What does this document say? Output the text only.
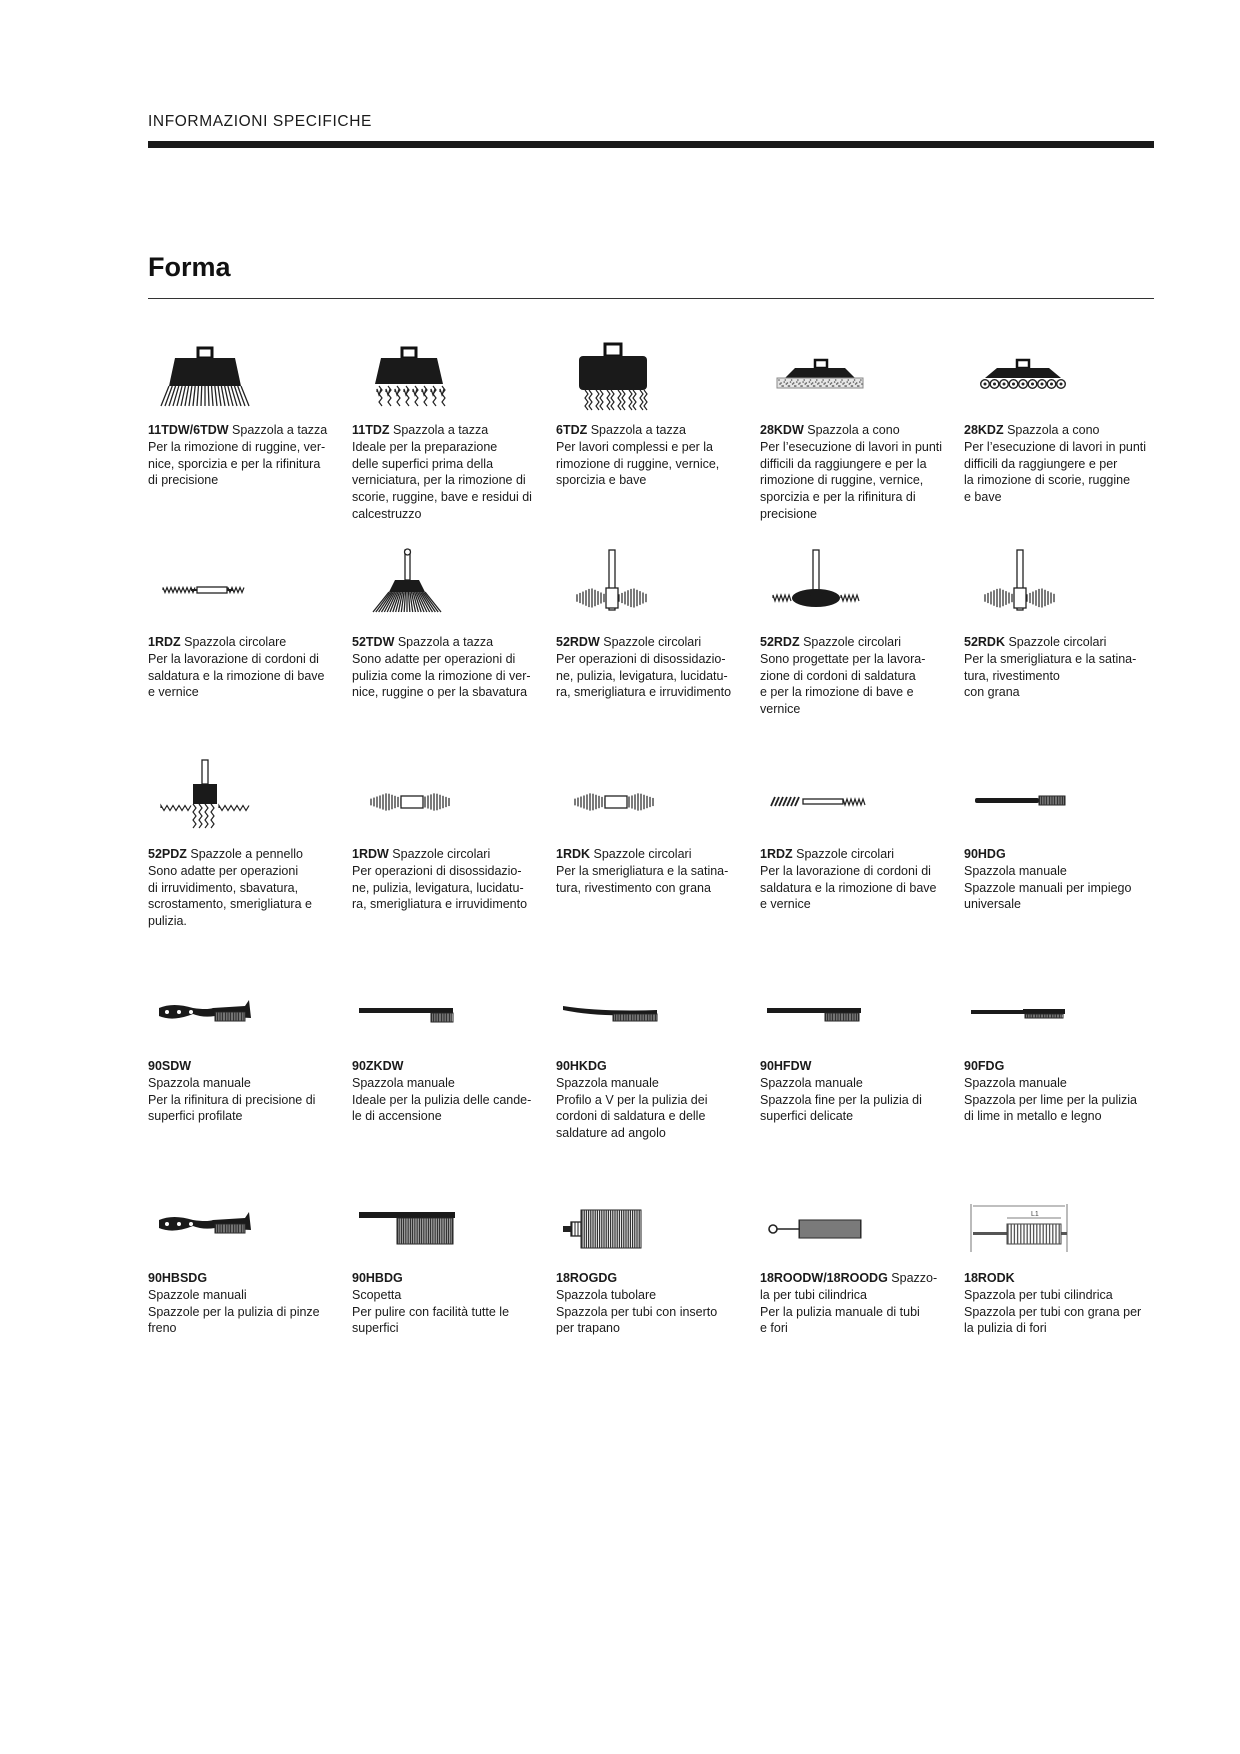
INFORMAZIONI SPECIFICHE
Forma
11TDW/6TDW Spazzola a tazza
Per la rimozione di ruggine, ver-
nice, sporcizia e per la rifinitura
di precisione
11TDZ Spazzola a tazza
Ideale per la preparazione
delle superfici prima della
verniciatura, per la rimozione di
scorie, ruggine, bave e residui di
calcestruzzo
6TDZ Spazzola a tazza
Per lavori complessi e per la
rimozione di ruggine, vernice,
sporcizia e bave
28KDW Spazzola a cono
Per l’esecuzione di lavori in punti
difficili da raggiungere e per la
rimozione di ruggine, vernice,
sporcizia e per la rifinitura di
precisione
28KDZ Spazzola a cono
Per l’esecuzione di lavori in punti
difficili da raggiungere e per
la rimozione di scorie, ruggine
e bave
1RDZ Spazzola circolare
Per la lavorazione di cordoni di
saldatura e la rimozione di bave
e vernice
52TDW Spazzola a tazza
Sono adatte per operazioni di
pulizia come la rimozione di ver-
nice, ruggine o per la sbavatura
52RDW Spazzole circolari
Per operazioni di disossidazio-
ne, pulizia, levigatura, lucidatu-
ra, smerigliatura e irruvidimento
52RDZ Spazzole circolari
Sono progettate per la lavora-
zione di cordoni di saldatura
e per la rimozione di bave e
vernice
52RDK Spazzole circolari
Per la smerigliatura e la satina-
tura, rivestimento
con grana
52PDZ Spazzole a pennello
Sono adatte per operazioni
di irruvidimento, sbavatura,
scrostamento, smerigliatura e
pulizia.
1RDW Spazzole circolari
Per operazioni di disossidazio-
ne, pulizia, levigatura, lucidatu-
ra, smerigliatura e irruvidimento
1RDK Spazzole circolari
Per la smerigliatura e la satina-
tura, rivestimento con grana
1RDZ Spazzole circolari
Per la lavorazione di cordoni di
saldatura e la rimozione di bave
e vernice
90HDG
Spazzola manuale
Spazzole manuali per impiego
universale
90SDW
Spazzola manuale
Per la rifinitura di precisione di
superfici profilate
90ZKDW
Spazzola manuale
Ideale per la pulizia delle cande-
le di accensione
90HKDG
Spazzola manuale
Profilo a V per la pulizia dei
cordoni di saldatura e delle
saldature ad angolo
90HFDW
Spazzola manuale
Spazzola fine per la pulizia di
superfici delicate
90FDG
Spazzola manuale
Spazzola per lime per la pulizia
di lime in metallo e legno
90HBSDG
Spazzole manuali
Spazzole per la pulizia di pinze
freno
90HBDG
Scopetta
Per pulire con facilità tutte le
superfici
18ROGDG
Spazzola tubolare
Spazzola per tubi con inserto
per trapano
18ROODW/18ROODG Spazzo-
la per tubi cilindrica
Per la pulizia manuale di tubi
e fori
L1
18RODK
Spazzola per tubi cilindrica
Spazzola per tubi con grana per
la pulizia di fori
